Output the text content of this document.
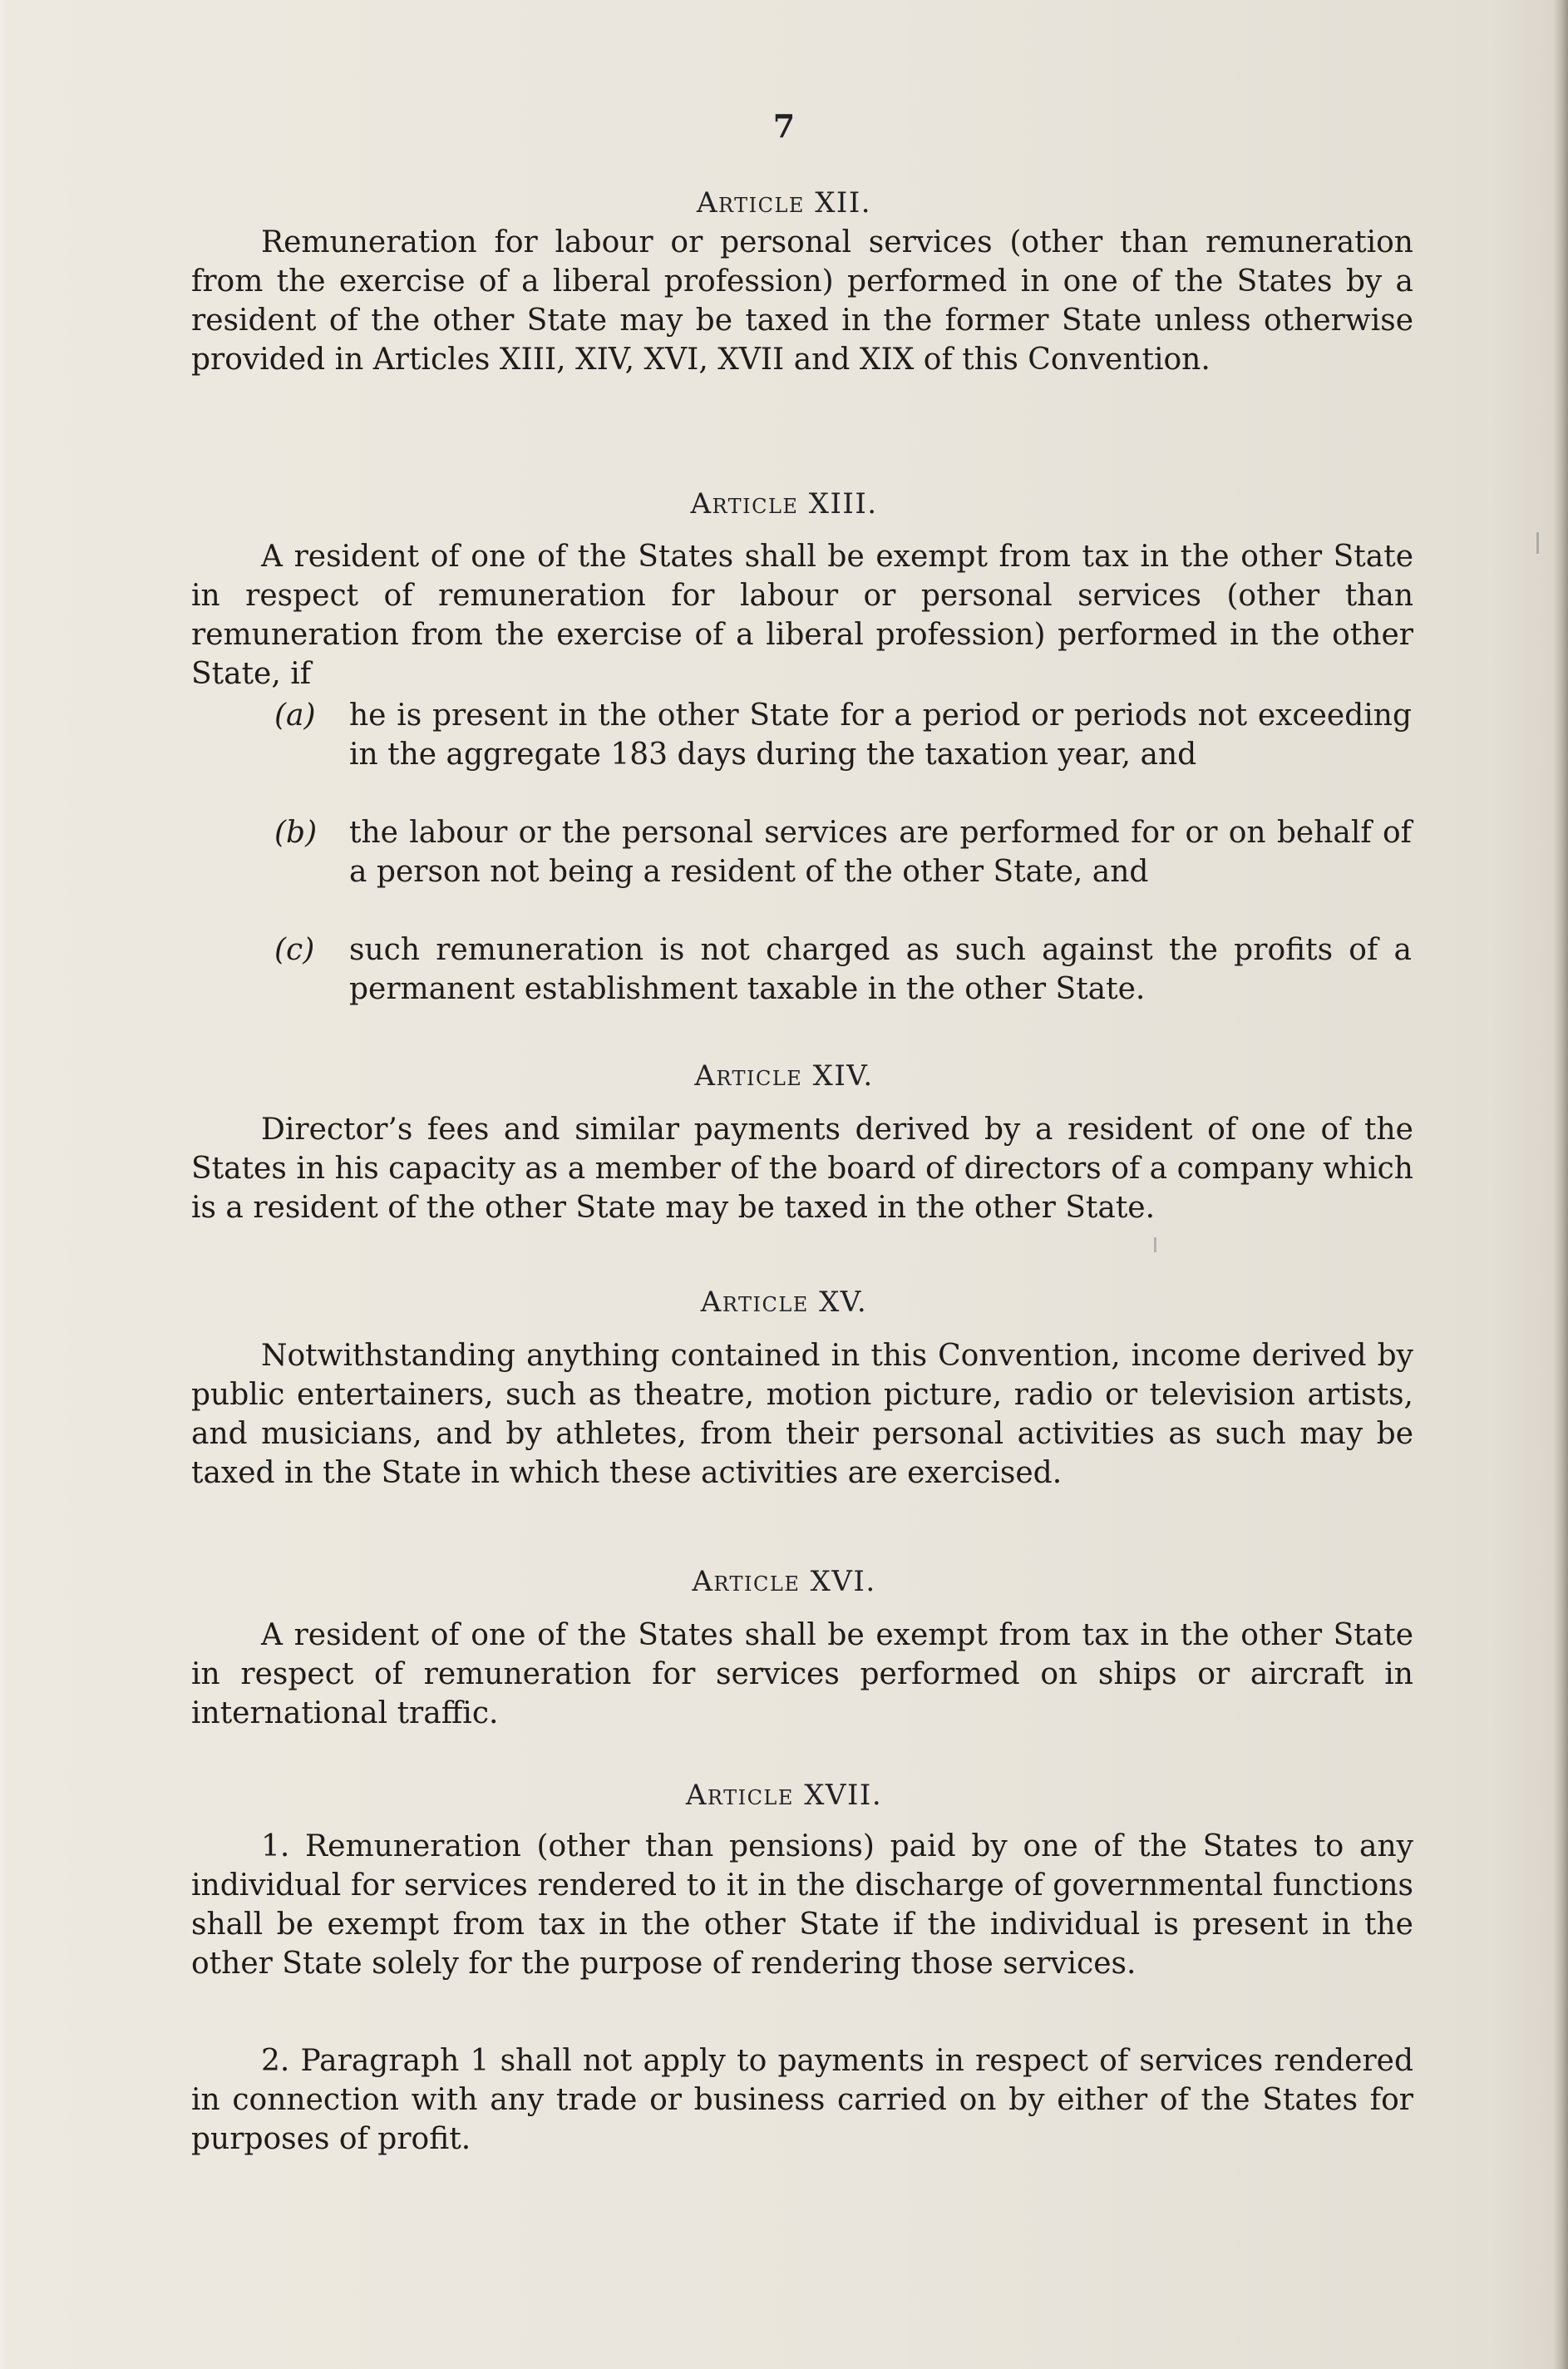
7
Article XII.

Remuneration for labour or personal services (other than remuneration from the exercise of a liberal profession) performed in one of the States by a resident of the other State may be taxed in the former State unless otherwise provided in Articles XIII, XIV, XVI, XVII and XIX of this Convention.

Article XIII.

A resident of one of the States shall be exempt from tax in the other State in respect of remuneration for labour or personal services (other than remuneration from the exercise of a liberal profession) performed in the other State, if

(a)	he is present in the other State for a period or periods not exceeding in the aggregate 183 days during the taxation year, and
(b)	the labour or the personal services are performed for or on behalf of a person not being a resident of the other State, and
(c)	such remuneration is not charged as such against the profits of a permanent establishment taxable in the other State.
Article XIV.

Director’s fees and similar payments derived by a resident of one of the States in his capacity as a member of the board of directors of a company which is a resident of the other State may be taxed in the other State.

Article XV.

Notwithstanding anything contained in this Convention, income derived by public entertainers, such as theatre, motion picture, radio or television artists, and musicians, and by athletes, from their personal activities as such may be taxed in the State in which these activities are exercised.

Article XVI.

A resident of one of the States shall be exempt from tax in the other State in respect of remuneration for services performed on ships or aircraft in international traffic.

Article XVII.

1. Remuneration (other than pensions) paid by one of the States to any individual for services rendered to it in the discharge of governmental functions shall be exempt from tax in the other State if the individual is present in the other State solely for the purpose of rendering those services.

2. Paragraph 1 shall not apply to payments in respect of services rendered in connection with any trade or business carried on by either of the States for purposes of profit.
